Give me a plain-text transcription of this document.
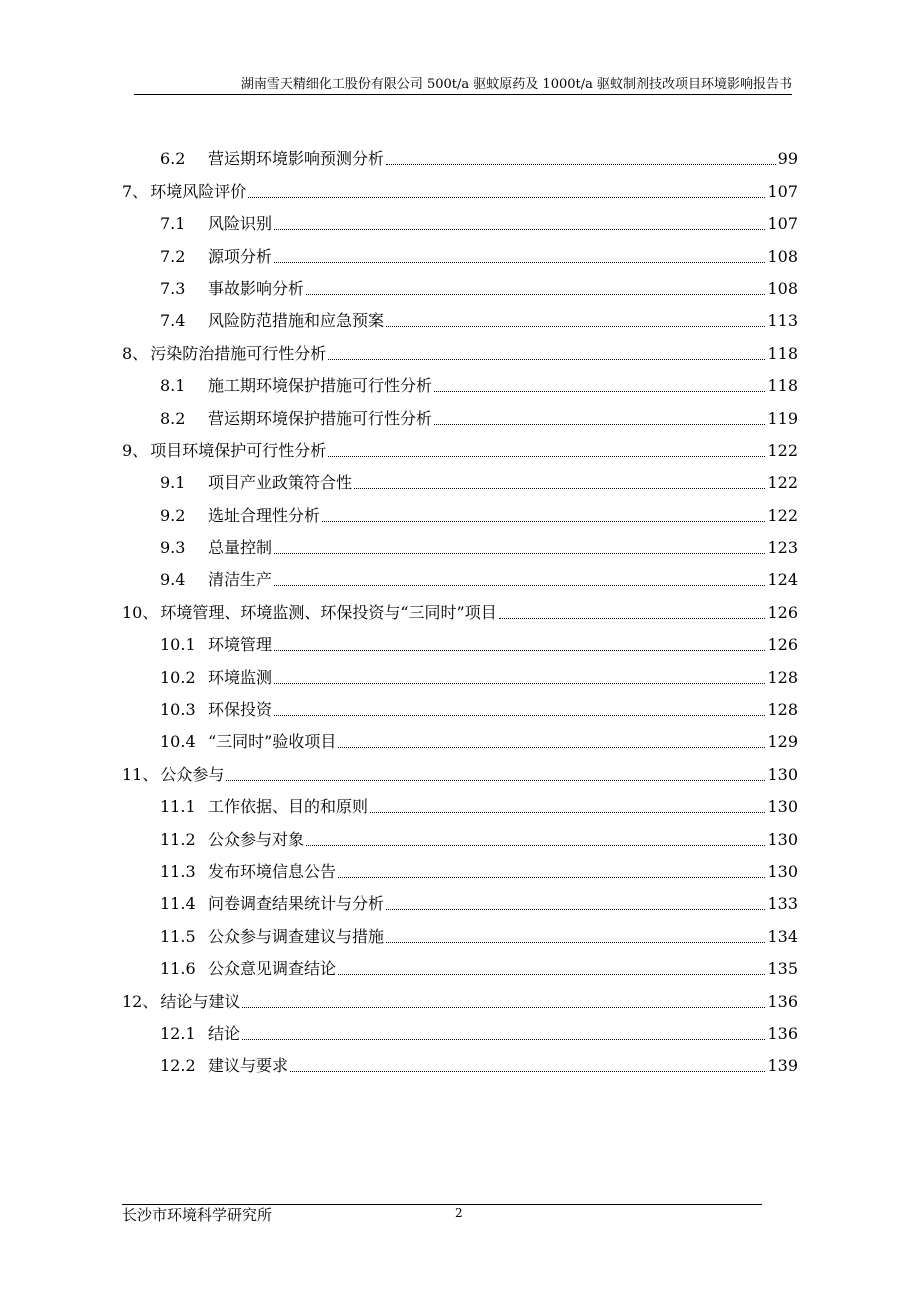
湖南雪天精细化工股份有限公司 500t/a 驱蚊原药及 1000t/a 驱蚊制剂技改项目环境影响报告书
6.2	营运期环境影响预测分析	99
7、 环境风险评价	107
7.1	风险识别	107
7.2	源项分析	108
7.3	事故影响分析	108
7.4	风险防范措施和应急预案	113
8、 污染防治措施可行性分析	118
8.1	施工期环境保护措施可行性分析	118
8.2	营运期环境保护措施可行性分析	119
9、 项目环境保护可行性分析	122
9.1	项目产业政策符合性	122
9.2	选址合理性分析	122
9.3	总量控制	123
9.4	清洁生产	124
10、 环境管理、环境监测、环保投资与“三同时”项目	126
10.1 环境管理	126
10.2 环境监测	128
10.3 环保投资	128
10.4 “三同时”验收项目	129
11、 公众参与	130
11.1 工作依据、目的和原则	130
11.2 公众参与对象	130
11.3 发布环境信息公告	130
11.4 问卷调查结果统计与分析	133
11.5 公众参与调查建议与措施	134
11.6 公众意见调查结论	135
12、 结论与建议	136
12.1 结论	136
12.2 建议与要求	139
长沙市环境科学研究所	2
